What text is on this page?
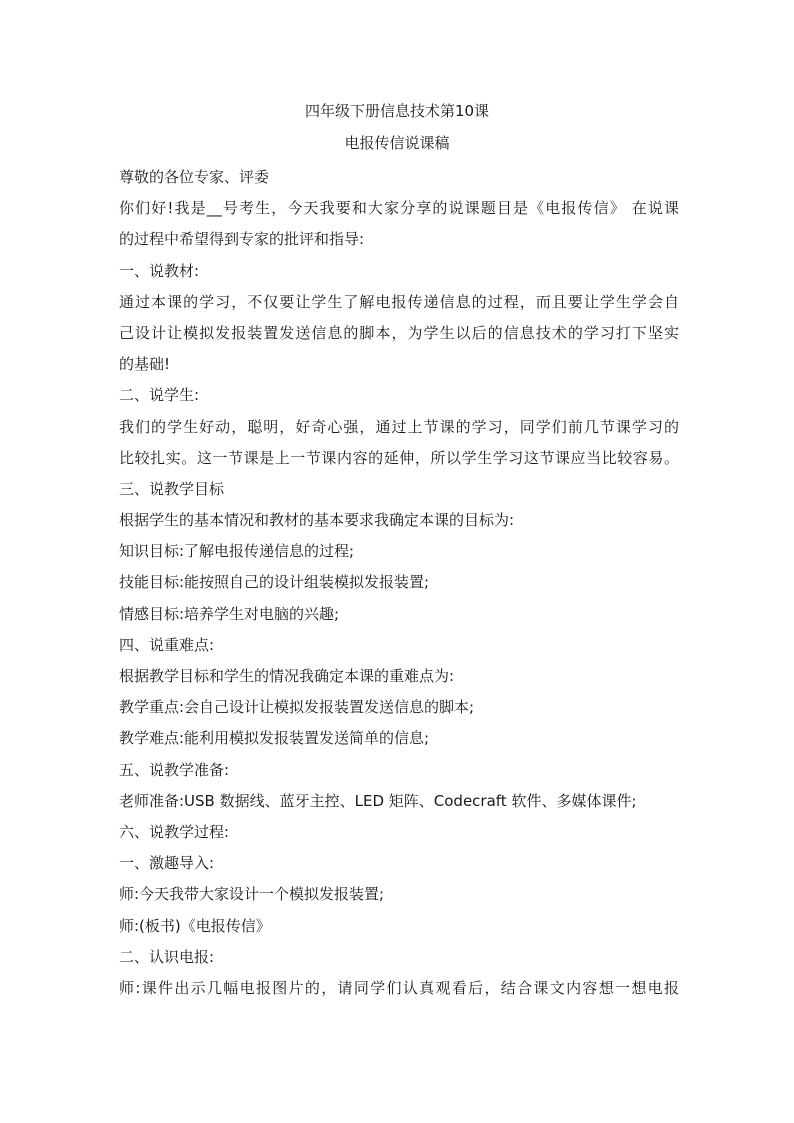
四年级下册信息技术第10课
电报传信说课稿
尊敬的各位专家、评委
你们好!我是__号考生，今天我要和大家分享的说课题目是《电报传信》 在说课
的过程中希望得到专家的批评和指导:
一、说教材:
通过本课的学习，不仅要让学生了解电报传递信息的过程，而且要让学生学会自
己设计让模拟发报装置发送信息的脚本，为学生以后的信息技术的学习打下坚实
的基础!
二、说学生:
我们的学生好动，聪明，好奇心强，通过上节课的学习，同学们前几节课学习的
比较扎实。这一节课是上一节课内容的延伸，所以学生学习这节课应当比较容易。
三、说教学目标
根据学生的基本情况和教材的基本要求我确定本课的目标为:
知识目标:了解电报传递信息的过程;
技能目标:能按照自己的设计组装模拟发报装置;
情感目标:培养学生对电脑的兴趣;
四、说重难点:
根据教学目标和学生的情况我确定本课的重难点为:
教学重点:会自己设计让模拟发报装置发送信息的脚本;
教学难点:能利用模拟发报装置发送简单的信息;
五、说教学准备:
老师准备:USB 数据线、蓝牙主控、LED 矩阵、Codecraft 软件、多媒体课件;
六、说教学过程:
一、激趣导入:
师:今天我带大家设计一个模拟发报装置;
师:(板书)《电报传信》
二、认识电报:
师:课件出示几幅电报图片的，请同学们认真观看后，结合课文内容想一想电报
